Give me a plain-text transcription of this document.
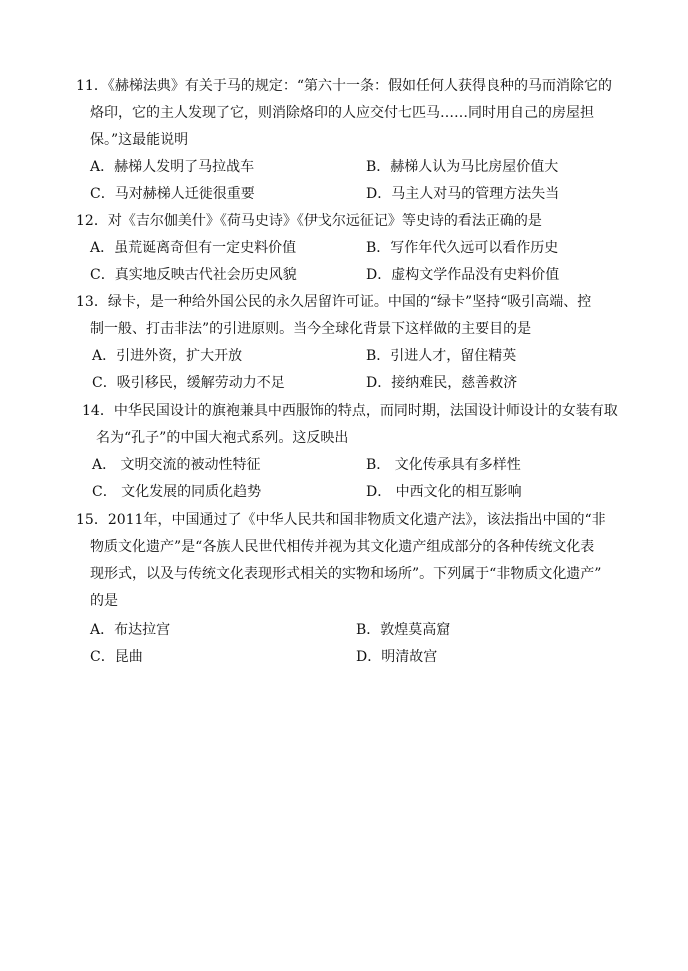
11．《赫梯法典》有关于马的规定：“第六十一条：假如任何人获得良种的马而消除它的
烙印，它的主人发现了它，则消除烙印的人应交付七匹马……同时用自己的房屋担
保。”这最能说明
A．赫梯人发明了马拉战车	B．赫梯人认为马比房屋价值大
C．马对赫梯人迁徙很重要	D．马主人对马的管理方法失当
12．对《吉尔伽美什》《荷马史诗》《伊戈尔远征记》等史诗的看法正确的是
A．虽荒诞离奇但有一定史料价值	B．写作年代久远可以看作历史
C．真实地反映古代社会历史风貌	D．虚构文学作品没有史料价值
13．绿卡，是一种给外国公民的永久居留许可证。中国的“绿卡”坚持“吸引高端、控
制一般、打击非法”的引进原则。当今全球化背景下这样做的主要目的是
A．引进外资，扩大开放	B．引进人才，留住精英
C．吸引移民，缓解劳动力不足	D．接纳难民，慈善救济
14．中华民国设计的旗袍兼具中西服饰的特点，而同时期，法国设计师设计的女装有取
名为“孔子”的中国大袍式系列。这反映出
A． 文明交流的被动性特征	B． 文化传承具有多样性
C． 文化发展的同质化趋势	D． 中西文化的相互影响
15．2011年，中国通过了《中华人民共和国非物质文化遗产法》，该法指出中国的“非
物质文化遗产”是“各族人民世代相传并视为其文化遗产组成部分的各种传统文化表
现形式，以及与传统文化表现形式相关的实物和场所”。下列属于“非物质文化遗产”
的是
A．布达拉宫	B．敦煌莫高窟
C．昆曲	D．明清故宫
